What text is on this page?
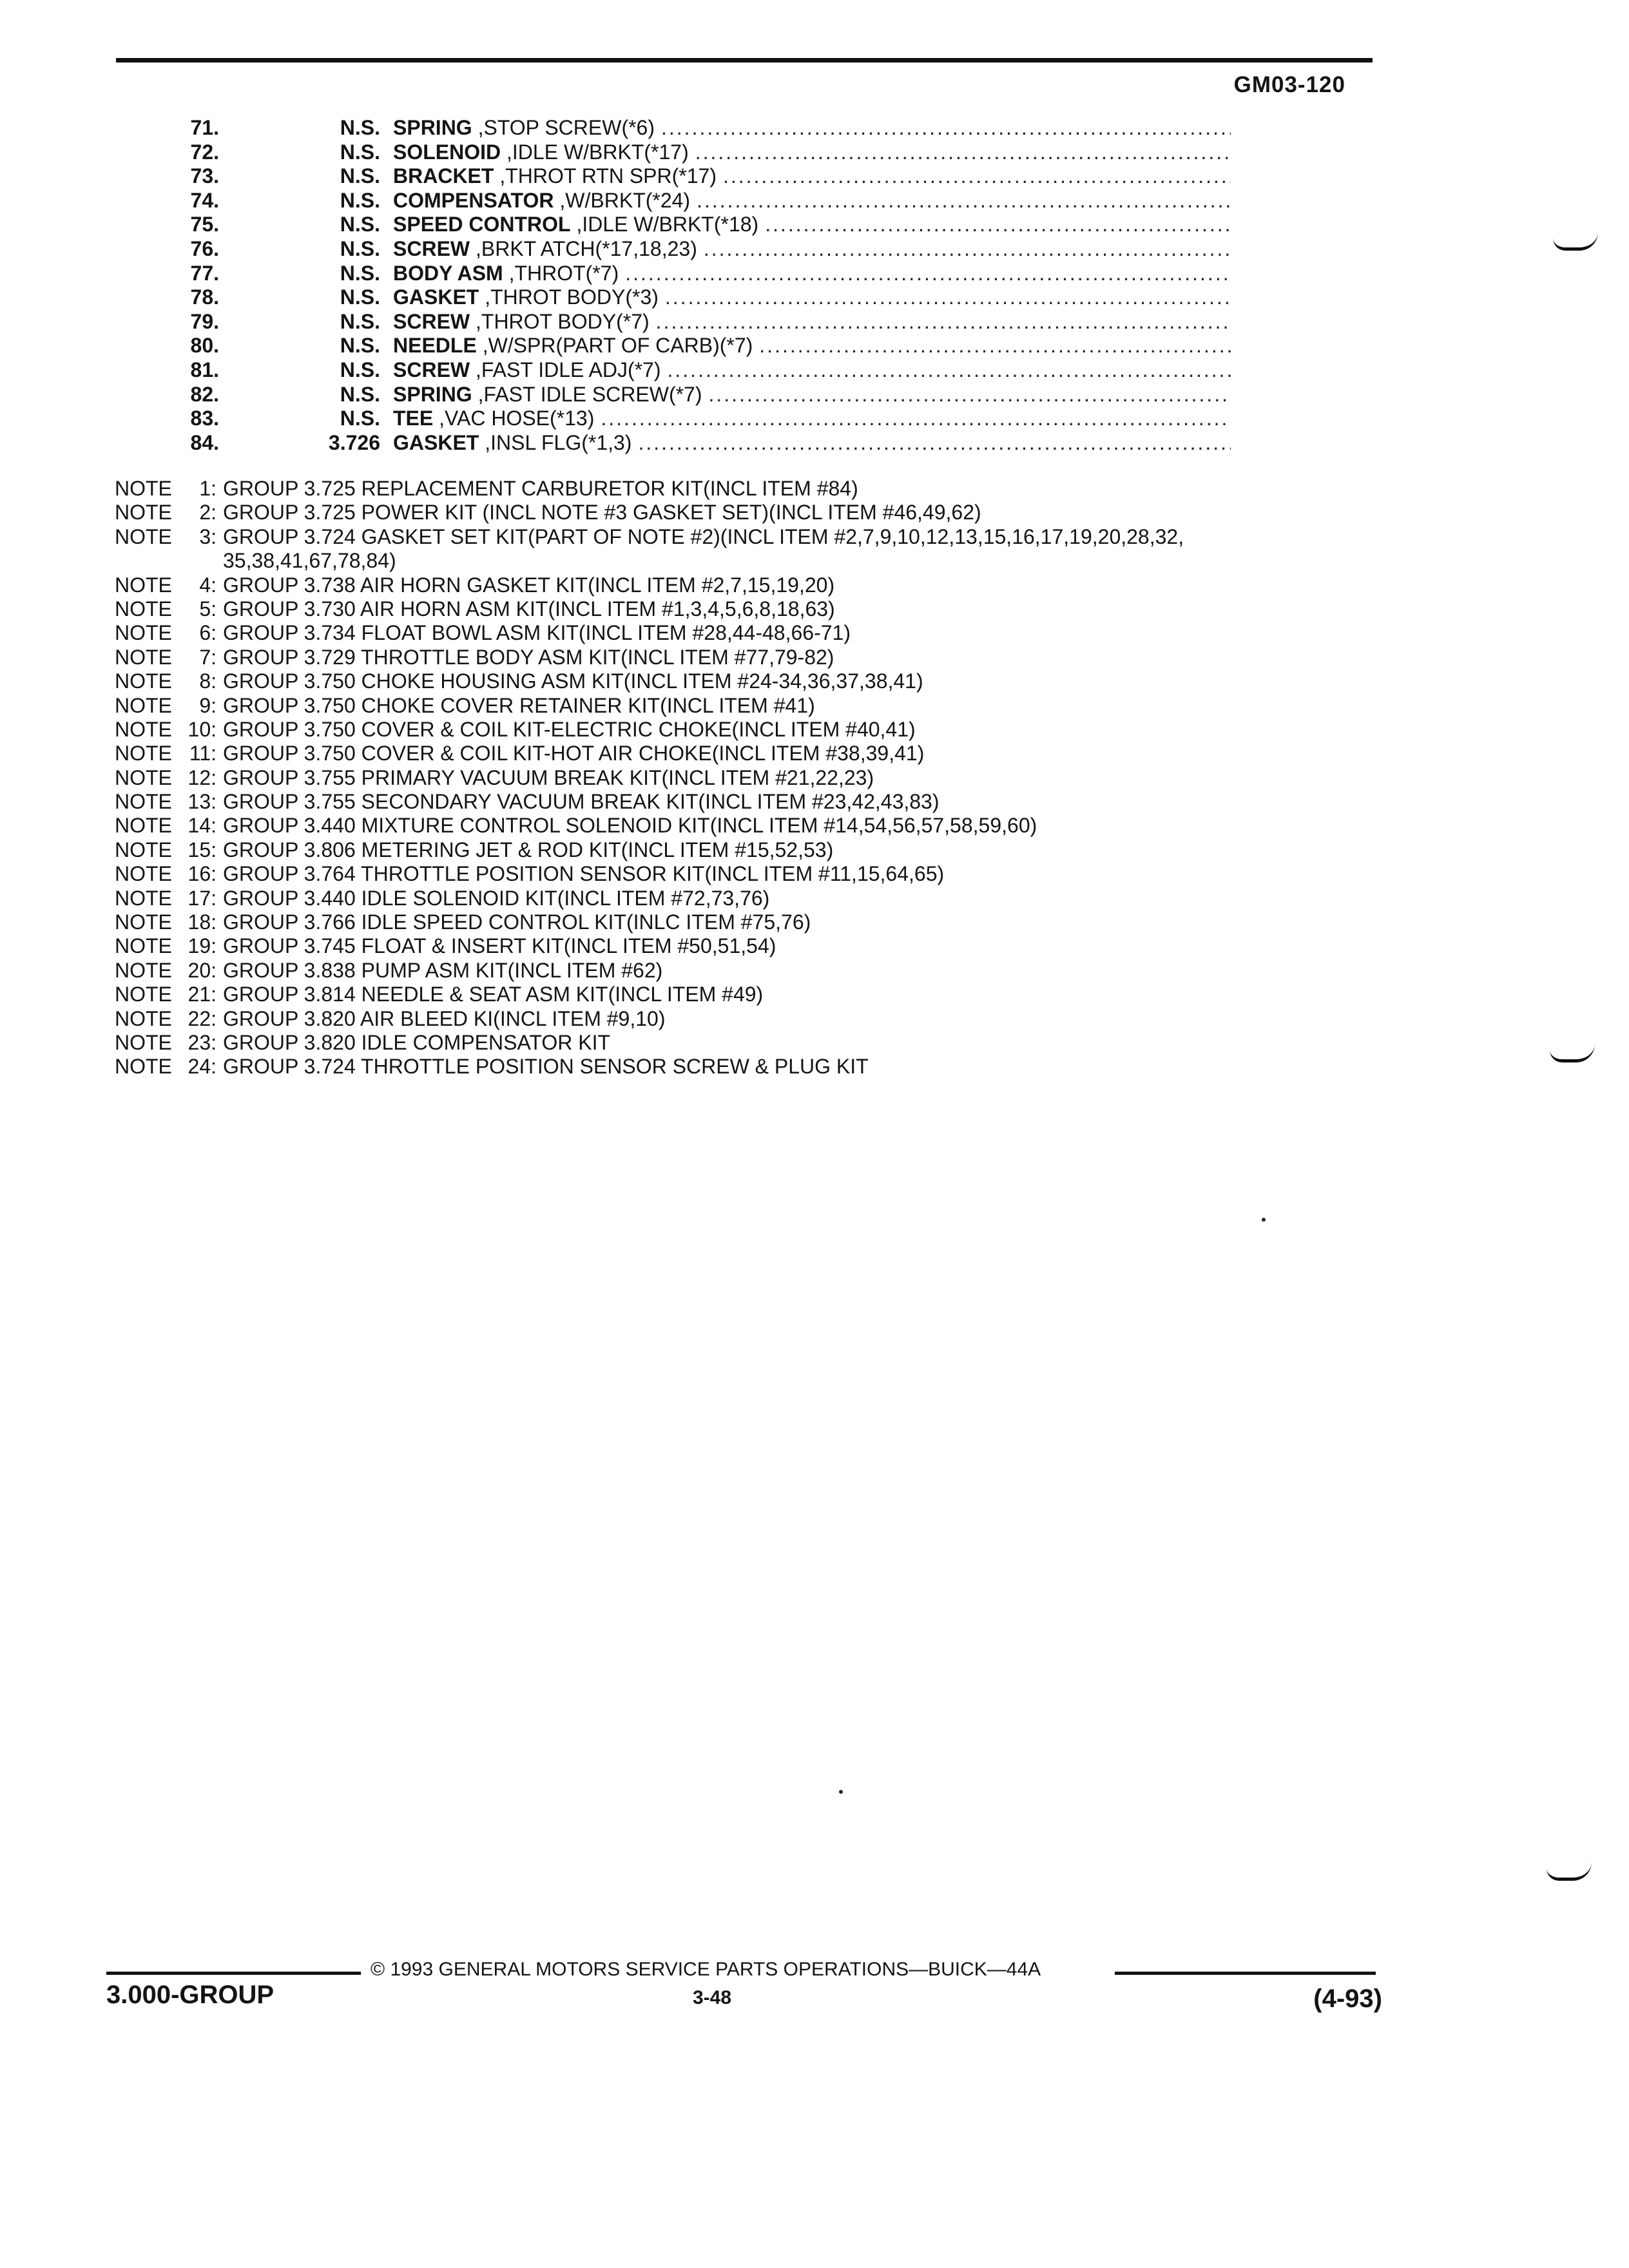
GM03-120
71.	N.S. SPRING , STOP SCREW(*6)
.....
72.	N.S. SOLENOID , IDLE W/BRKT(*17)
.....
73.	N.S. BRACKET , THROT RTN SPR(*17)
.....
74.	N.S. COMPENSATOR , W/BRKT(*24)
.....
75.	N.S. SPEED CONTROL , IDLE W/BRKT(*18)
.....
76.	N.S. SCREW , BRKT ATCH(*17,18,23)
.....
77.	N.S. BODY ASM , THROT(*7)
.....
78.	N.S. GASKET , THROT BODY(*3)
.....
79.	N.S. SCREW , THROT BODY(*7)
.....
80.	N.S. NEEDLE , W/SPR(PART OF CARB)(*7)
.....
81.	N.S. SCREW , FAST IDLE ADJ(*7)
.....
82.	N.S. SPRING , FAST IDLE SCREW(*7)
.....
83.	N.S. TEE , VAC HOSE(*13)
.....
84.	3.726 GASKET , INSL FLG(*1,3)
.....
NOTE	1: GROUP 3.725 REPLACEMENT CARBURETOR KIT(INCL ITEM #84)
NOTE	2: GROUP 3.725 POWER KIT (INCL NOTE #3 GASKET SET)(INCL ITEM #46,49,62)
NOTE	3: GROUP 3.724 GASKET SET KIT(PART OF NOTE #2)(INCL ITEM #2,7,9,10,12,13,15,16,17,19,20,28,32,
35,38,41,67,78,84)
NOTE	4: GROUP 3.738 AIR HORN GASKET KIT(INCL ITEM #2,7,15,19,20)
NOTE	5: GROUP 3.730 AIR HORN ASM KIT(INCL ITEM #1,3,4,5,6,8,18,63)
NOTE	6: GROUP 3.734 FLOAT BOWL ASM KIT(INCL ITEM #28,44-48,66-71)
NOTE	7: GROUP 3.729 THROTTLE BODY ASM KIT(INCL ITEM #77,79-82)
NOTE	8: GROUP 3.750 CHOKE HOUSING ASM KIT(INCL ITEM #24-34,36,37,38,41)
NOTE	9: GROUP 3.750 CHOKE COVER RETAINER KIT(INCL ITEM #41)
NOTE 10: GROUP 3.750 COVER & COIL KIT-ELECTRIC CHOKE(INCL ITEM #40,41)
NOTE 11: GROUP 3.750 COVER & COIL KIT-HOT AIR CHOKE(INCL ITEM #38,39,41)
NOTE 12: GROUP 3.755 PRIMARY VACUUM BREAK KIT(INCL ITEM #21,22,23)
NOTE 13: GROUP 3.755 SECONDARY VACUUM BREAK KIT(INCL ITEM #23,42,43,83)
NOTE 14: GROUP 3.440 MIXTURE CONTROL SOLENOID KIT(INCL ITEM #14,54,56,57,58,59,60)
NOTE 15: GROUP 3.806 METERING JET & ROD KIT(INCL ITEM #15,52,53)
NOTE 16: GROUP 3.764 THROTTLE POSITION SENSOR KIT(INCL ITEM #11,15,64,65)
NOTE 17: GROUP 3.440 IDLE SOLENOID KIT(INCL ITEM #72,73,76)
NOTE 18: GROUP 3.766 IDLE SPEED CONTROL KIT(INLC ITEM #75,76)
NOTE 19: GROUP 3.745 FLOAT & INSERT KIT(INCL ITEM #50,51,54)
NOTE 20: GROUP 3.838 PUMP ASM KIT(INCL ITEM #62)
NOTE 21: GROUP 3.814 NEEDLE & SEAT ASM KIT(INCL ITEM #49)
NOTE 22: GROUP 3.820 AIR BLEED KI(INCL ITEM #9,10)
NOTE 23: GROUP 3.820 IDLE COMPENSATOR KIT
NOTE 24: GROUP 3.724 THROTTLE POSITION SENSOR SCREW & PLUG KIT
© 1993 GENERAL MOTORS SERVICE PARTS OPERATIONS—BUICK—44A
3.000-GROUP	3-48	(4-93)
